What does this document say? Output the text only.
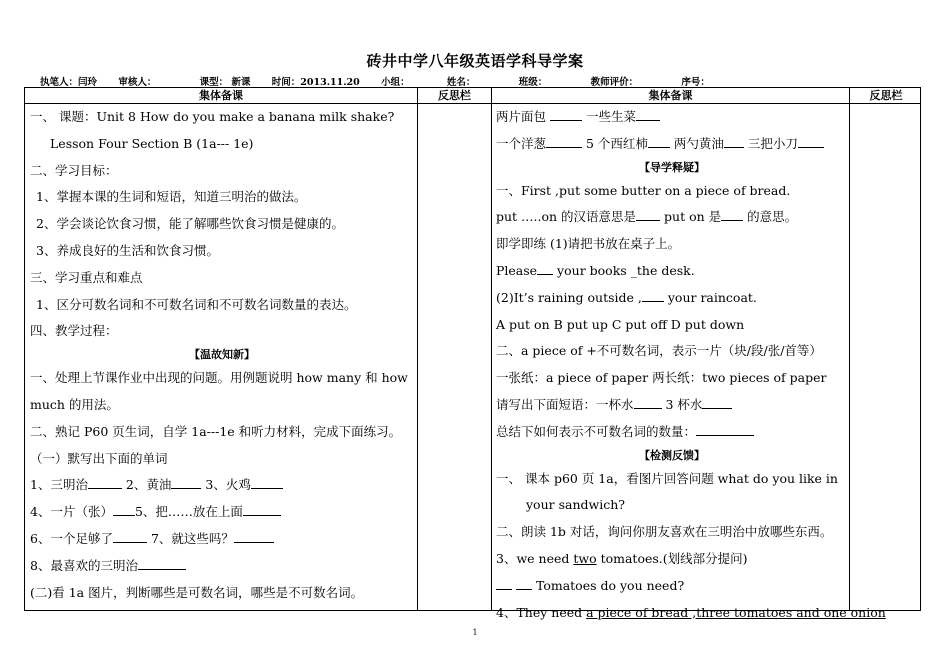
砖井中学八年级英语学科导学案
执笔人：闫玲 审核人：	课型： 新课 时间：2013.11.20 小组：	姓名：	班级：	教师评价：	序号：
集体备课	反思栏	集体备课	反思栏
一、 课题：Unit 8 How do you make a banana milk shake?
Lesson Four Section B (1a--- 1e)
二、学习目标：
1、掌握本课的生词和短语，知道三明治的做法。
2、学会谈论饮食习惯，能了解哪些饮食习惯是健康的。
3、养成良好的生活和饮食习惯。
三、学习重点和难点
1、区分可数名词和不可数名词和不可数名词数量的表达。
四、教学过程：
【温故知新】
一、处理上节课作业中出现的问题。用例题说明 how many 和 how
much 的用法。
二、熟记 P60 页生词，自学 1a---1e 和听力材料，完成下面练习。
（一）默写出下面的单词
1、三明治	2、黄油 3、火鸡
4、一片（张） 5、把……放在上面
6、一个足够了	7、就这些吗？
8、最喜欢的三明治
(二)看 1a 图片，判断哪些是可数名词，哪些是不可数名词。
两片面包	一些生菜
一个洋葱	5 个西红柿 两勺黄油 三把小刀
【导学释疑】
一、First ,put some butter on a piece of bread.
put …..on 的汉语意思是 put on 是 的意思。
即学即练 (1)请把书放在桌子上。
Please your books _the desk.
(2)It’s raining outside , your raincoat.
A put on B put up C put off D put down
二、a piece of +不可数名词，表示一片（块/段/张/首等）
一张纸：a piece of paper 两长纸：two pieces of paper
请写出下面短语：一杯水 3 杯水
总结下如何表示不可数名词的数量：
【检测反馈】
一、 课本 p60 页 1a，看图片回答问题 what do you like in
your sandwich?
二、朗读 1b 对话，询问你朋友喜欢在三明治中放哪些东西。
3、we need two tomatoes.(划线部分提问)
Tomatoes do you need?
4、They need a piece of bread ,three tomatoes and one onion
1
